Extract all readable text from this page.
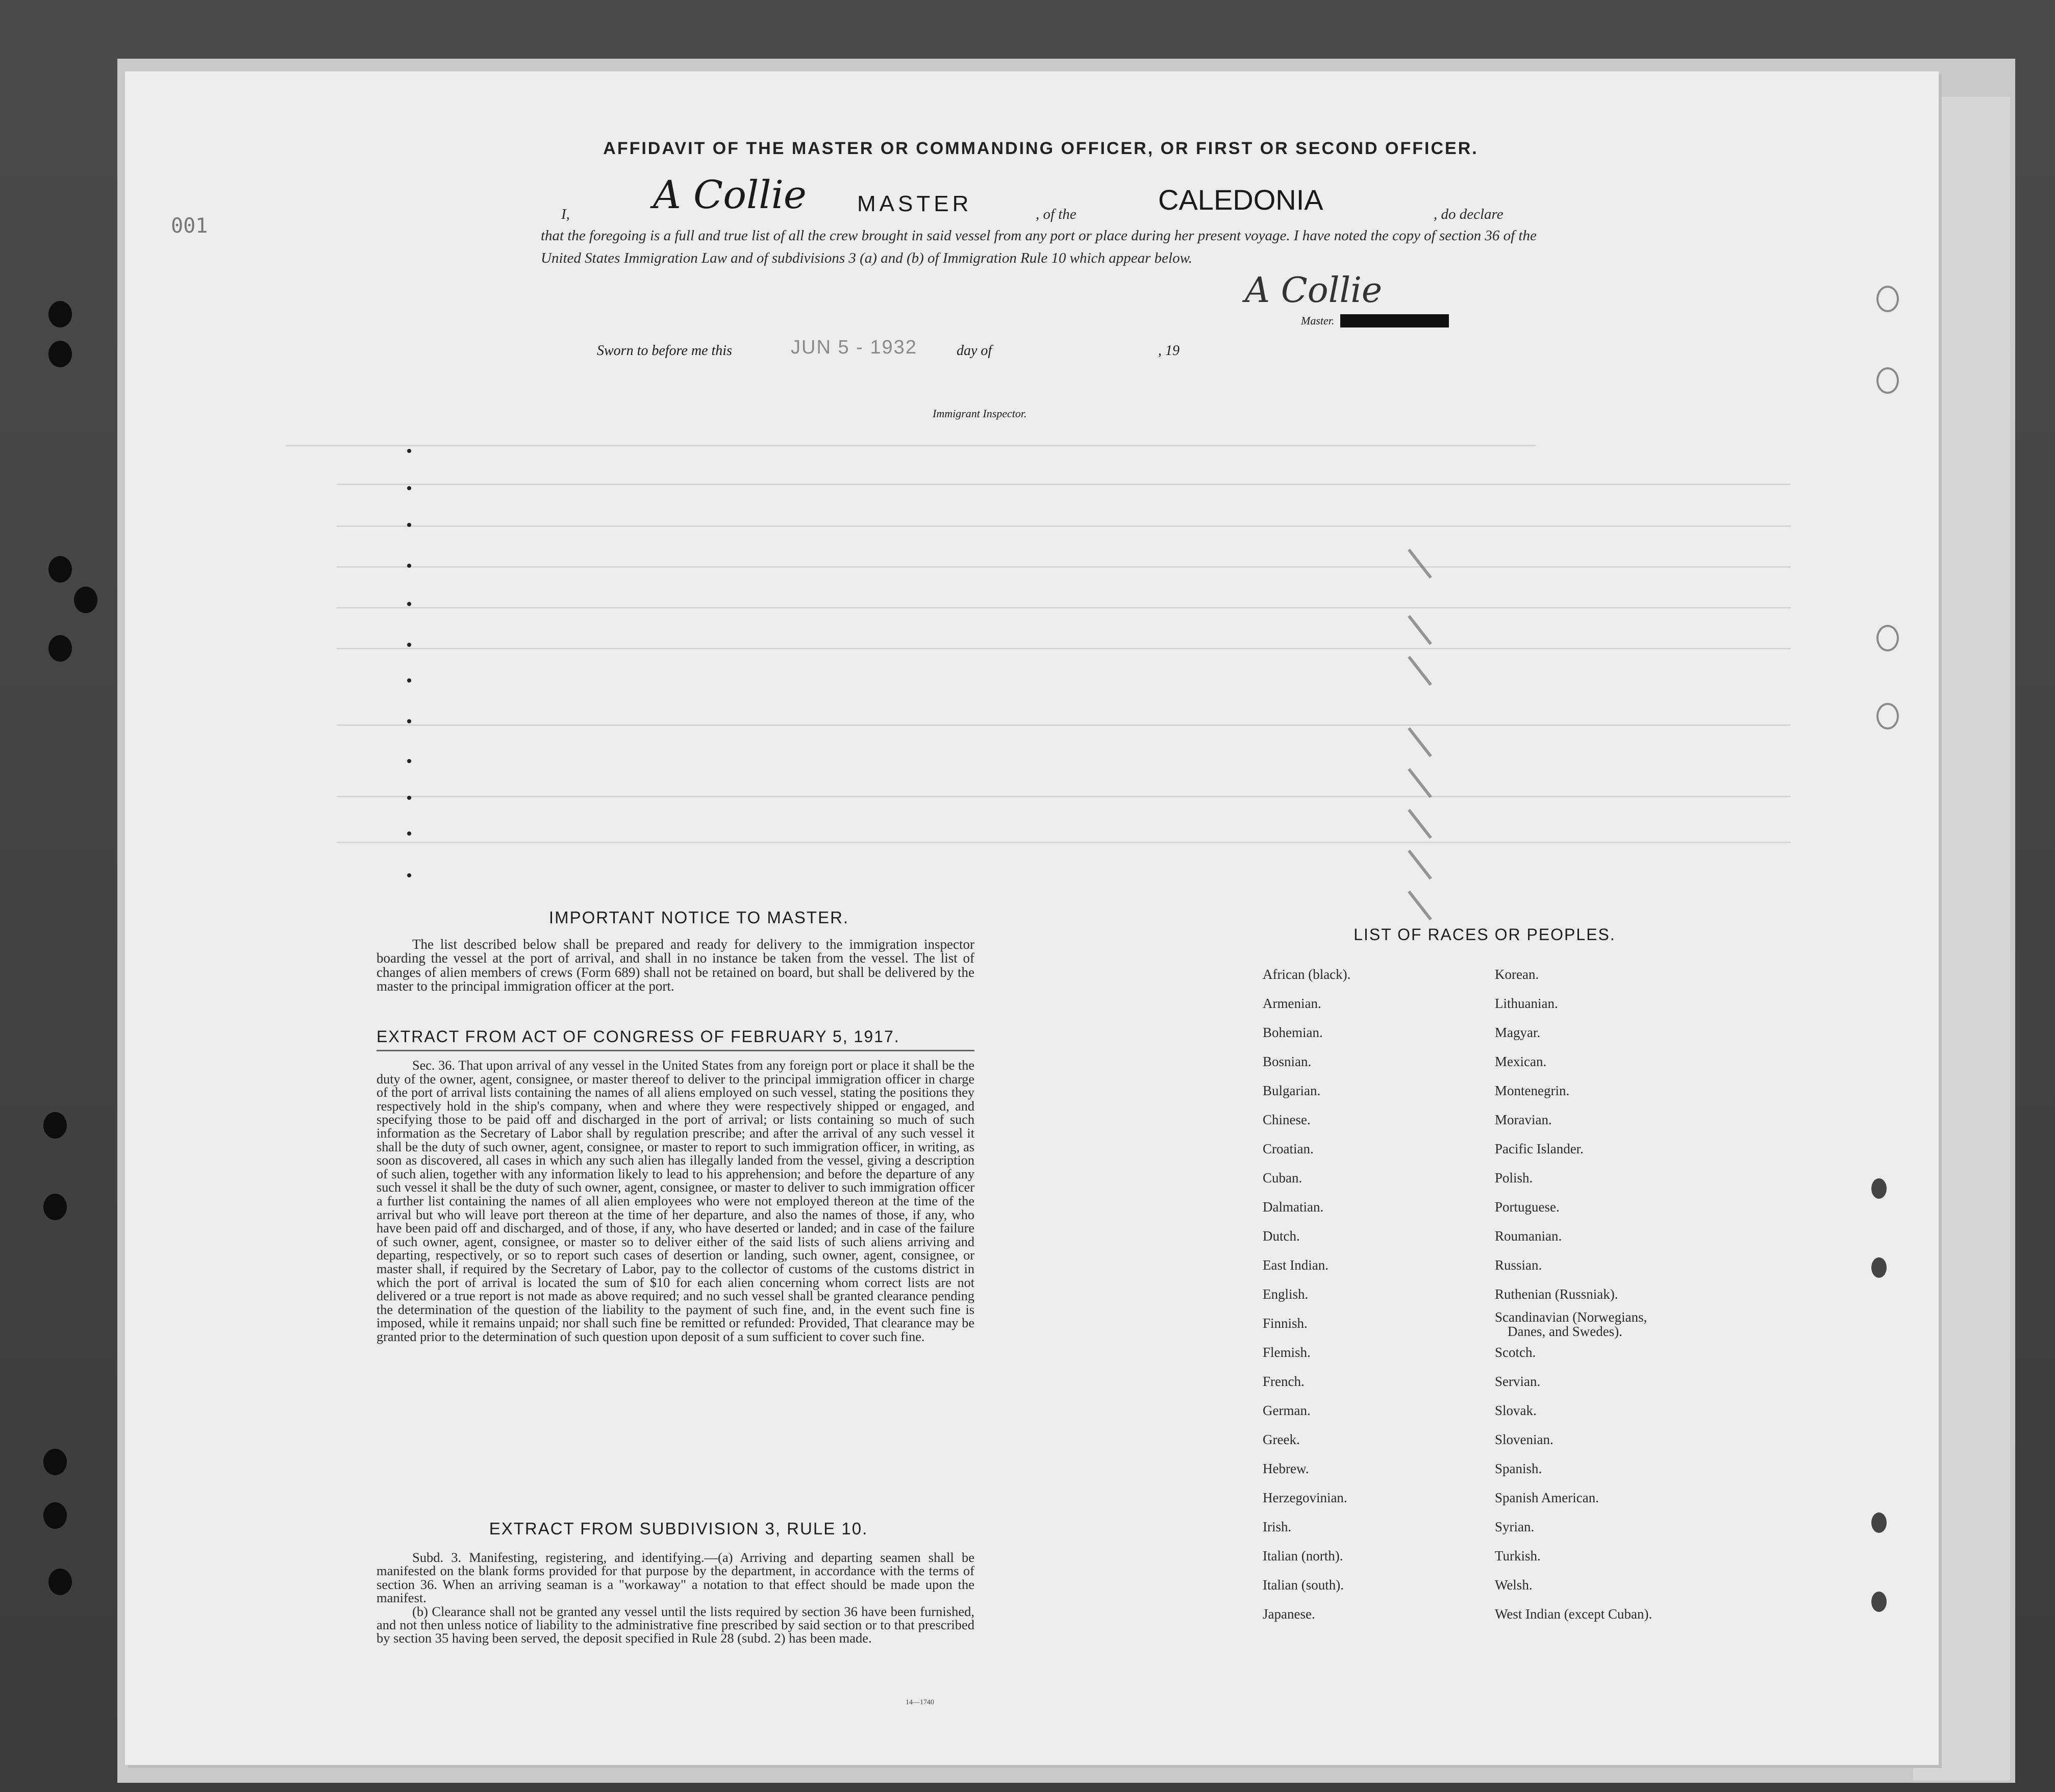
001
AFFIDAVIT OF THE MASTER OR COMMANDING OFFICER, OR FIRST OR SECOND OFFICER.
I, A Collie MASTER	, of the	CALEDONIA	, do declare
that the foregoing is a full and true list of all the crew brought in said vessel from any port or place during her present voyage. I have noted the copy of section 36 of the United States Immigration Law and of subdivisions 3 (a) and (b) of Immigration Rule 10 which appear below.
A Collie
Master. First or Second Officer
Sworn to before me this	JUN 5 - 1932	day of	, 19
Immigrant Inspector.
IMPORTANT NOTICE TO MASTER.

The list described below shall be prepared and ready for delivery to the immigration inspector boarding the vessel at the port of arrival, and shall in no instance be taken from the vessel. The list of changes of alien members of crews (Form 689) shall not be retained on board, but shall be delivered by the master to the principal immigration officer at the port.

EXTRACT FROM ACT OF CONGRESS OF FEBRUARY 5, 1917.

Sec. 36. That upon arrival of any vessel in the United States from any foreign port or place it shall be the duty of the owner, agent, consignee, or master thereof to deliver to the principal immigration officer in charge of the port of arrival lists containing the names of all aliens employed on such vessel, stating the positions they respectively hold in the ship's company, when and where they were respectively shipped or engaged, and specifying those to be paid off and discharged in the port of arrival; or lists containing so much of such information as the Secretary of Labor shall by regulation prescribe; and after the arrival of any such vessel it shall be the duty of such owner, agent, consignee, or master to report to such immigration officer, in writing, as soon as discovered, all cases in which any such alien has illegally landed from the vessel, giving a description of such alien, together with any information likely to lead to his apprehension; and before the departure of any such vessel it shall be the duty of such owner, agent, consignee, or master to deliver to such immigration officer a further list containing the names of all alien employees who were not employed thereon at the time of the arrival but who will leave port thereon at the time of her departure, and also the names of those, if any, who have been paid off and discharged, and of those, if any, who have deserted or landed; and in case of the failure of such owner, agent, consignee, or master so to deliver either of the said lists of such aliens arriving and departing, respectively, or so to report such cases of desertion or landing, such owner, agent, consignee, or master shall, if required by the Secretary of Labor, pay to the collector of customs of the customs district in which the port of arrival is located the sum of $10 for each alien concerning whom correct lists are not delivered or a true report is not made as above required; and no such vessel shall be granted clearance pending the determination of the question of the liability to the payment of such fine, and, in the event such fine is imposed, while it remains unpaid; nor shall such fine be remitted or refunded: Provided, That clearance may be granted prior to the determination of such question upon deposit of a sum sufficient to cover such fine.

EXTRACT FROM SUBDIVISION 3, RULE 10.

Subd. 3. Manifesting, registering, and identifying.—(a) Arriving and departing seamen shall be manifested on the blank forms provided for that purpose by the department, in accordance with the terms of section 36. When an arriving seaman is a "workaway" a notation to that effect should be made upon the manifest.

(b) Clearance shall not be granted any vessel until the lists required by section 36 have been furnished, and not then unless notice of liability to the administrative fine prescribed by said section or to that prescribed by section 35 having been served, the deposit specified in Rule 28 (subd. 2) has been made.

14—1740
LIST OF RACES OR PEOPLES.
African (black).
Armenian.
Bohemian.
Bosnian.
Bulgarian.
Chinese.
Croatian.
Cuban.
Dalmatian.
Dutch.
East Indian.
English.
Finnish.
Flemish.
French.
German.
Greek.
Hebrew.
Herzegovinian.
Irish.
Italian (north).
Italian (south).
Japanese.
Korean.
Lithuanian.
Magyar.
Mexican.
Montenegrin.
Moravian.
Pacific Islander.
Polish.
Portuguese.
Roumanian.
Russian.
Ruthenian (Russniak).
Scandinavian (Norwegians,
Danes, and Swedes).
Scotch.
Servian.
Slovak.
Slovenian.
Spanish.
Spanish American.
Syrian.
Turkish.
Welsh.
West Indian (except Cuban).
